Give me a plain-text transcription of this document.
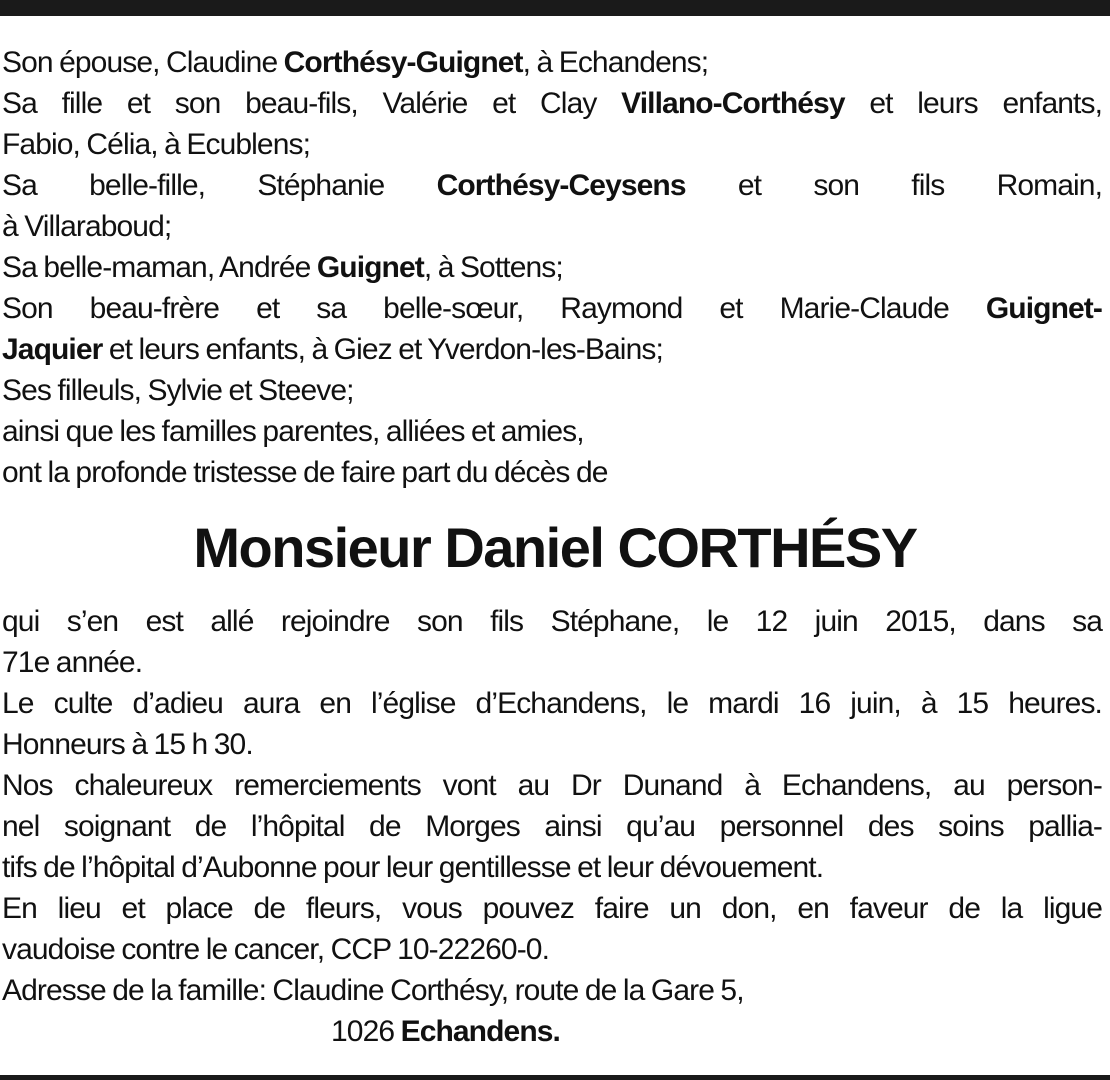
Son épouse, Claudine Corthésy-Guignet, à Echandens;
Sa fille et son beau-fils, Valérie et Clay Villano-Corthésy et leurs enfants,
Fabio, Célia, à Ecublens;
Sa belle-fille, Stéphanie Corthésy-Ceysens et son fils Romain,
à Villaraboud;
Sa belle-maman, Andrée Guignet, à Sottens;
Son beau-frère et sa belle-sœur, Raymond et Marie-Claude Guignet-
Jaquier et leurs enfants, à Giez et Yverdon-les-Bains;
Ses filleuls, Sylvie et Steeve;
ainsi que les familles parentes, alliées et amies,
ont la profonde tristesse de faire part du décès de
Monsieur Daniel CORTHÉSY
qui s’en est allé rejoindre son fils Stéphane, le 12 juin 2015, dans sa
71e année.
Le culte d’adieu aura en l’église d’Echandens, le mardi 16 juin, à 15 heures.
Honneurs à 15 h 30.
Nos chaleureux remerciements vont au Dr Dunand à Echandens, au person-
nel soignant de l’hôpital de Morges ainsi qu’au personnel des soins pallia-
tifs de l’hôpital d’Aubonne pour leur gentillesse et leur dévouement.
En lieu et place de fleurs, vous pouvez faire un don, en faveur de la ligue
vaudoise contre le cancer, CCP 10-22260-0.
Adresse de la famille: Claudine Corthésy, route de la Gare 5,
1026 Echandens.
